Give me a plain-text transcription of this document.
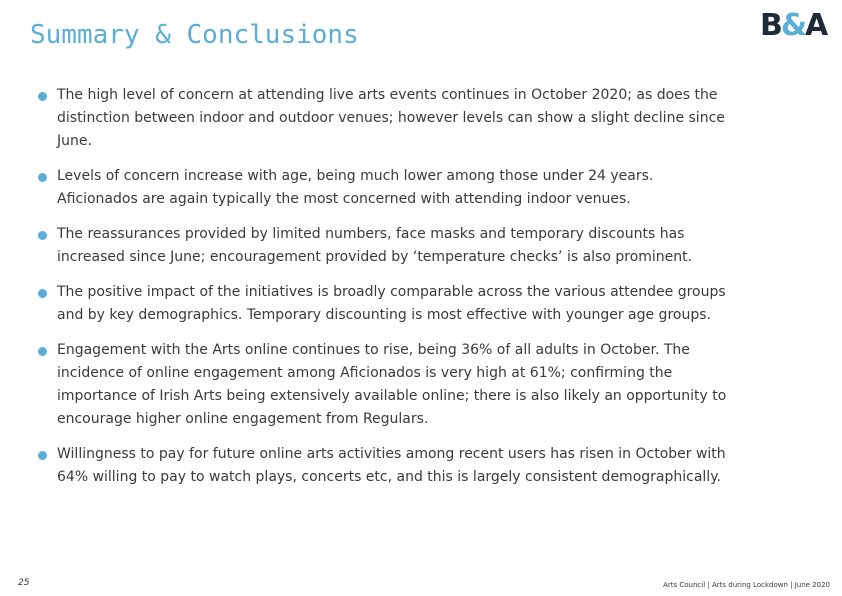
Summary & Conclusions	B&A
The high level of concern at attending live arts events continues in October 2020; as does the distinction between indoor and outdoor venues; however levels can show a slight decline since June.
Levels of concern increase with age, being much lower among those under 24 years. Aficionados are again typically the most concerned with attending indoor venues.
The reassurances provided by limited numbers, face masks and temporary discounts has increased since June; encouragement provided by ‘temperature checks’ is also prominent.
The positive impact of the initiatives is broadly comparable across the various attendee groups and by key demographics. Temporary discounting is most effective with younger age groups.
Engagement with the Arts online continues to rise, being 36% of all adults in October. The incidence of online engagement among Aficionados is very high at 61%; confirming the importance of Irish Arts being extensively available online; there is also likely an opportunity to encourage higher online engagement from Regulars.
Willingness to pay for future online arts activities among recent users has risen in October with 64% willing to pay to watch plays, concerts etc, and this is largely consistent demographically.
25	Arts Council | Arts during Lockdown | June 2020
